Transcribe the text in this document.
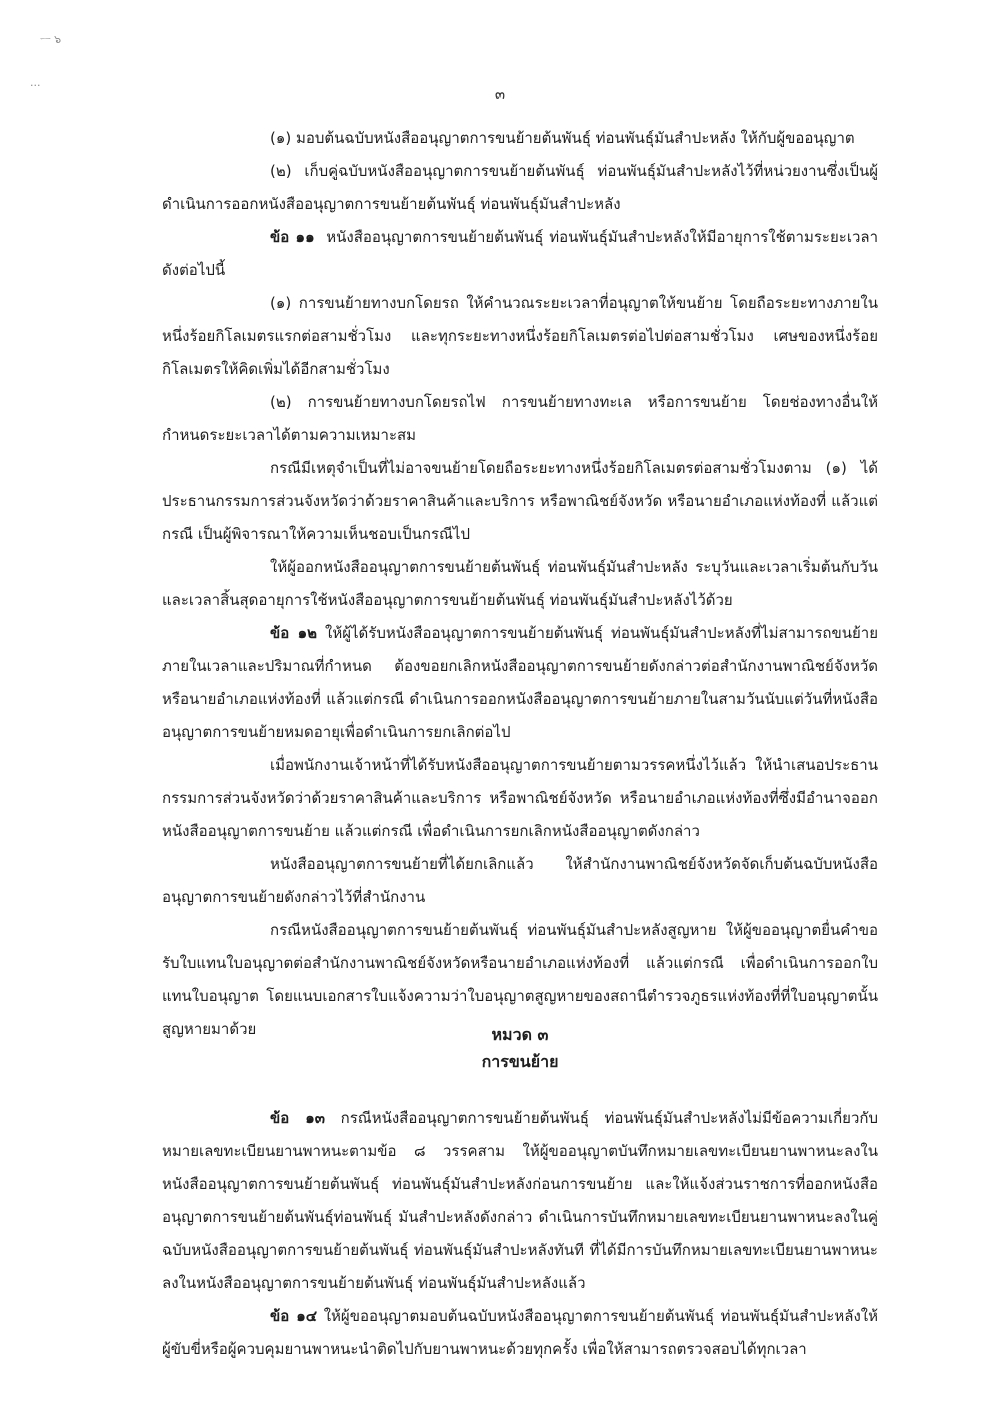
ㅡ ๖
...
๓

(๑) มอบต้นฉบับหนังสืออนุญาตการขนย้ายต้นพันธุ์ ท่อนพันธุ์มันสำปะหลัง ให้กับผู้ขออนุญาต

(๒) เก็บคู่ฉบับหนังสืออนุญาตการขนย้ายต้นพันธุ์ ท่อนพันธุ์มันสำปะหลังไว้ที่หน่วยงานซึ่งเป็นผู้ดำเนินการออกหนังสืออนุญาตการขนย้ายต้นพันธุ์ ท่อนพันธุ์มันสำปะหลัง

ข้อ ๑๑ หนังสืออนุญาตการขนย้ายต้นพันธุ์ ท่อนพันธุ์มันสำปะหลังให้มีอายุการใช้ตามระยะเวลา ดังต่อไปนี้

(๑) การขนย้ายทางบกโดยรถ ให้คำนวณระยะเวลาที่อนุญาตให้ขนย้าย โดยถือระยะทางภายในหนึ่งร้อยกิโลเมตรแรกต่อสามชั่วโมง และทุกระยะทางหนึ่งร้อยกิโลเมตรต่อไปต่อสามชั่วโมง เศษของหนึ่งร้อยกิโลเมตรให้คิดเพิ่มได้อีกสามชั่วโมง

(๒) การขนย้ายทางบกโดยรถไฟ การขนย้ายทางทะเล หรือการขนย้าย โดยช่องทางอื่นให้กำหนดระยะเวลาได้ตามความเหมาะสม

กรณีมีเหตุจำเป็นที่ไม่อาจขนย้ายโดยถือระยะทางหนึ่งร้อยกิโลเมตรต่อสามชั่วโมงตาม (๑) ได้ ประธานกรรมการส่วนจังหวัดว่าด้วยราคาสินค้าและบริการ หรือพาณิชย์จังหวัด หรือนายอำเภอแห่งท้องที่ แล้วแต่กรณี เป็นผู้พิจารณาให้ความเห็นชอบเป็นกรณีไป

ให้ผู้ออกหนังสืออนุญาตการขนย้ายต้นพันธุ์ ท่อนพันธุ์มันสำปะหลัง ระบุวันและเวลาเริ่มต้นกับวันและเวลาสิ้นสุดอายุการใช้หนังสืออนุญาตการขนย้ายต้นพันธุ์ ท่อนพันธุ์มันสำปะหลังไว้ด้วย

ข้อ ๑๒ ให้ผู้ได้รับหนังสืออนุญาตการขนย้ายต้นพันธุ์ ท่อนพันธุ์มันสำปะหลังที่ไม่สามารถขนย้ายภายในเวลาและปริมาณที่กำหนด ต้องขอยกเลิกหนังสืออนุญาตการขนย้ายดังกล่าวต่อสำนักงานพาณิชย์จังหวัด หรือนายอำเภอแห่งท้องที่ แล้วแต่กรณี ดำเนินการออกหนังสืออนุญาตการขนย้ายภายในสามวันนับแต่วันที่หนังสืออนุญาตการขนย้ายหมดอายุเพื่อดำเนินการยกเลิกต่อไป

เมื่อพนักงานเจ้าหน้าที่ได้รับหนังสืออนุญาตการขนย้ายตามวรรคหนึ่งไว้แล้ว ให้นำเสนอประธานกรรมการส่วนจังหวัดว่าด้วยราคาสินค้าและบริการ หรือพาณิชย์จังหวัด หรือนายอำเภอแห่งท้องที่ซึ่งมีอำนาจออกหนังสืออนุญาตการขนย้าย แล้วแต่กรณี เพื่อดำเนินการยกเลิกหนังสืออนุญาตดังกล่าว

หนังสืออนุญาตการขนย้ายที่ได้ยกเลิกแล้ว ให้สำนักงานพาณิชย์จังหวัดจัดเก็บต้นฉบับหนังสืออนุญาตการขนย้ายดังกล่าวไว้ที่สำนักงาน

กรณีหนังสืออนุญาตการขนย้ายต้นพันธุ์ ท่อนพันธุ์มันสำปะหลังสูญหาย ให้ผู้ขออนุญาตยื่นคำขอรับใบแทนใบอนุญาตต่อสำนักงานพาณิชย์จังหวัดหรือนายอำเภอแห่งท้องที่ แล้วแต่กรณี เพื่อดำเนินการออกใบแทนใบอนุญาต โดยแนบเอกสารใบแจ้งความว่าใบอนุญาตสูญหายของสถานีตำรวจภูธรแห่งท้องที่ที่ใบอนุญาตนั้นสูญหายมาด้วย	หมวด ๓
การขนย้าย

ข้อ ๑๓ กรณีหนังสืออนุญาตการขนย้ายต้นพันธุ์ ท่อนพันธุ์มันสำปะหลังไม่มีข้อความเกี่ยวกับหมายเลขทะเบียนยานพาหนะตามข้อ ๘ วรรคสาม ให้ผู้ขออนุญาตบันทึกหมายเลขทะเบียนยานพาหนะลงในหนังสืออนุญาตการขนย้ายต้นพันธุ์ ท่อนพันธุ์มันสำปะหลังก่อนการขนย้าย และให้แจ้งส่วนราชการที่ออกหนังสืออนุญาตการขนย้ายต้นพันธุ์ท่อนพันธุ์ มันสำปะหลังดังกล่าว ดำเนินการบันทึกหมายเลขทะเบียนยานพาหนะลงในคู่ฉบับหนังสืออนุญาตการขนย้ายต้นพันธุ์ ท่อนพันธุ์มันสำปะหลังทันที ที่ได้มีการบันทึกหมายเลขทะเบียนยานพาหนะลงในหนังสืออนุญาตการขนย้ายต้นพันธุ์ ท่อนพันธุ์มันสำปะหลังแล้ว

ข้อ ๑๔ ให้ผู้ขออนุญาตมอบต้นฉบับหนังสืออนุญาตการขนย้ายต้นพันธุ์ ท่อนพันธุ์มันสำปะหลังให้ผู้ขับขี่หรือผู้ควบคุมยานพาหนะนำติดไปกับยานพาหนะด้วยทุกครั้ง เพื่อให้สามารถตรวจสอบได้ทุกเวลา
